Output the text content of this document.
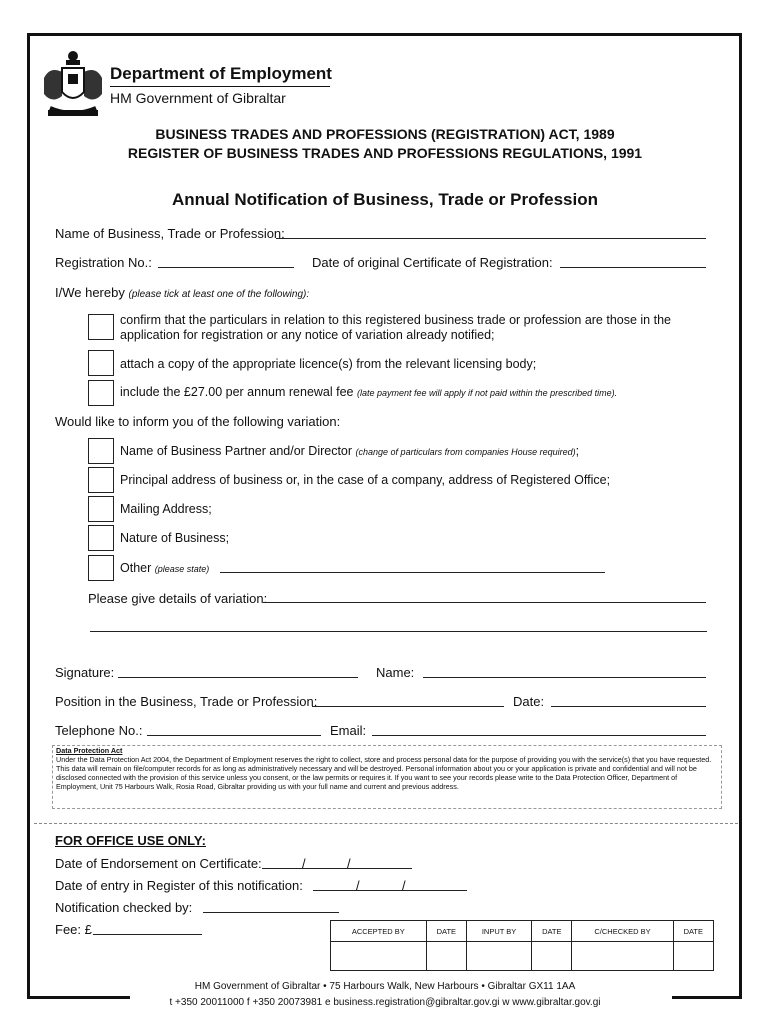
Department of Employment
HM Government of Gibraltar
BUSINESS TRADES AND PROFESSIONS (REGISTRATION) ACT, 1989
REGISTER OF BUSINESS TRADES AND PROFESSIONS REGULATIONS, 1991
Annual Notification of Business, Trade or Profession
Name of Business, Trade or Profession:
Registration No.:	Date of original Certificate of Registration:
I/We hereby (please tick at least one of the following):
confirm that the particulars in relation to this registered business trade or profession are those in the
application for registration or any notice of variation already notified;
attach a copy of the appropriate licence(s) from the relevant licensing body;
include the £27.00 per annum renewal fee (late payment fee will apply if not paid within the prescribed time).
Would like to inform you of the following variation:
Name of Business Partner and/or Director (change of particulars from companies House required);
Principal address of business or, in the case of a company, address of Registered Office;
Mailing Address;
Nature of Business;
Other (please state)
Please give details of variation:
Signature:	Name:
Position in the Business, Trade or Profession:	Date:
Telephone No.:	Email:
Data Protection Act
Under the Data Protection Act 2004, the Department of Employment reserves the right to collect, store and process personal data for the purpose of providing you with the service(s) that you have requested. This data will remain on file/computer records for as long as administratively necessary and will be destroyed. Personal information about you or your application is private and confidential and will not be disclosed connected with the provision of this service unless you consent, or the law permits or requires it. If you want to see your records please write to the Data Protection Officer, Department of Employment, Unit 75 Harbours Walk, Rosia Road, Gibraltar providing us with your full name and current and previous address.
FOR OFFICE USE ONLY:
Date of Endorsement on Certificate:	/	/
Date of entry in Register of this notification:	/	/
Notification checked by:
Fee: £	ACCEPTED BY	DATE	INPUT BY	DATE	C/CHECKED BY	DATE

HM Government of Gibraltar • 75 Harbours Walk, New Harbours • Gibraltar GX11 1AA
t +350 20011000 f +350 20073981 e business.registration@gibraltar.gov.gi w www.gibraltar.gov.gi
